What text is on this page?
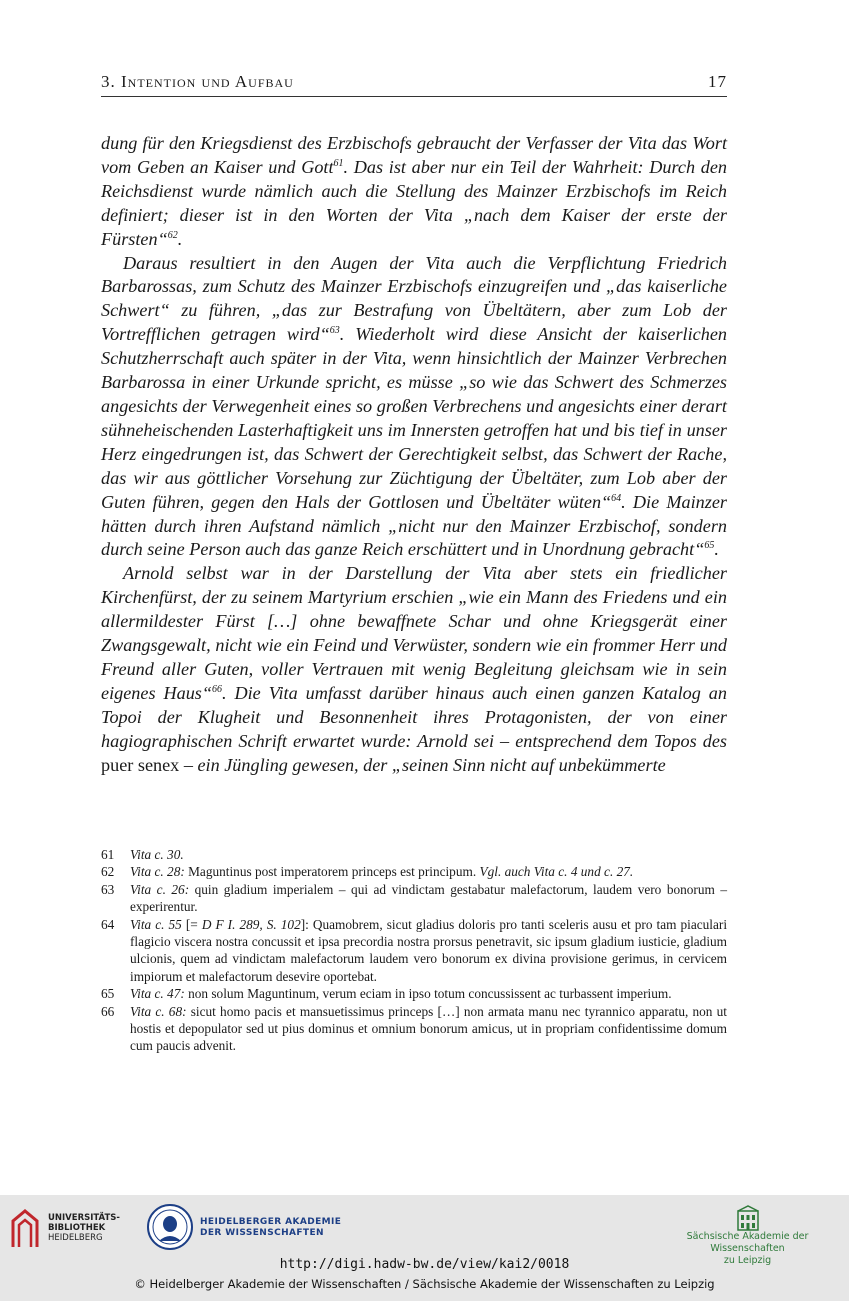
3. Intention und Aufbau	17

dung für den Kriegsdienst des Erzbischofs gebraucht der Verfasser der Vita das Wort vom Geben an Kaiser und Gott$^{61}$. Das ist aber nur ein Teil der Wahrheit: Durch den Reichsdienst wurde nämlich auch die Stellung des Mainzer Erzbischofs im Reich definiert; dieser ist in den Worten der Vita „nach dem Kaiser der erste der Fürsten“$^{62}$.

Daraus resultiert in den Augen der Vita auch die Verpflichtung Friedrich Barbarossas, zum Schutz des Mainzer Erzbischofs einzugreifen und „das kaiserliche Schwert“ zu führen, „das zur Bestrafung von Übeltätern, aber zum Lob der Vortrefflichen getragen wird“$^{63}$. Wiederholt wird diese Ansicht der kaiserlichen Schutzherrschaft auch später in der Vita, wenn hinsichtlich der Mainzer Verbrechen Barbarossa in einer Urkunde spricht, es müsse „so wie das Schwert des Schmerzes angesichts der Verwegenheit eines so großen Verbrechens und angesichts einer derart sühneheischenden Lasterhaftigkeit uns im Innersten getroffen hat und bis tief in unser Herz eingedrungen ist, das Schwert der Gerechtigkeit selbst, das Schwert der Rache, das wir aus göttlicher Vorsehung zur Züchtigung der Übeltäter, zum Lob aber der Guten führen, gegen den Hals der Gottlosen und Übeltäter wüten“$^{64}$. Die Mainzer hätten durch ihren Aufstand nämlich „nicht nur den Mainzer Erzbischof, sondern durch seine Person auch das ganze Reich erschüttert und in Unordnung gebracht“$^{65}$.

Arnold selbst war in der Darstellung der Vita aber stets ein friedlicher Kirchenfürst, der zu seinem Martyrium erschien „wie ein Mann des Friedens und ein allermildester Fürst […] ohne bewaffnete Schar und ohne Kriegsgerät einer Zwangsgewalt, nicht wie ein Feind und Verwüster, sondern wie ein frommer Herr und Freund aller Guten, voller Vertrauen mit wenig Begleitung gleichsam wie in sein eigenes Haus“$^{66}$. Die Vita umfasst darüber hinaus auch einen ganzen Katalog an Topoi der Klugheit und Besonnenheit ihres Protagonisten, der von einer hagiographischen Schrift erwartet wurde: Arnold sei – entsprechend dem Topos des puer senex – ein Jüngling gewesen, der „seinen Sinn nicht auf unbekümmerte

61	Vita c. 30.
62	Vita c. 28: Maguntinus post imperatorem princeps est principum. Vgl. auch Vita c. 4 und c. 27.
63	Vita c. 26: quin gladium imperialem – qui ad vindictam gestabatur malefactorum, laudem vero bonorum – experirentur.
64	Vita c. 55 [= D F I. 289, S. 102]: Quamobrem, sicut gladius doloris pro tanti sceleris ausu et pro tam piaculari flagicio viscera nostra concussit et ipsa precordia nostra prorsus penetravit, sic ipsum gladium iusticie, gladium ulcionis, quem ad vindictam malefactorum laudem vero bonorum ex divina provisione gerimus, in cervicem impiorum et malefactorum desevire oportebat.
65	Vita c. 47: non solum Maguntinum, verum eciam in ipso totum concussissent ac turbassent imperium.
66	Vita c. 68: sicut homo pacis et mansuetissimus princeps […] non armata manu nec tyrannico apparatu, non ut hostis et depopulator sed ut pius dominus et omnium bonorum amicus, ut in propriam confidentissime domum cum paucis advenit.
UNIVERSITÄTS-
BIBLIOTHEK
HEIDELBERG
HEIDELBERGER AKADEMIE
DER WISSENSCHAFTEN	Sächsische Akademie der Wissenschaften
zu Leipzig
http://digi.hadw-bw.de/view/kai2/0018
© Heidelberger Akademie der Wissenschaften / Sächsische Akademie der Wissenschaften zu Leipzig
